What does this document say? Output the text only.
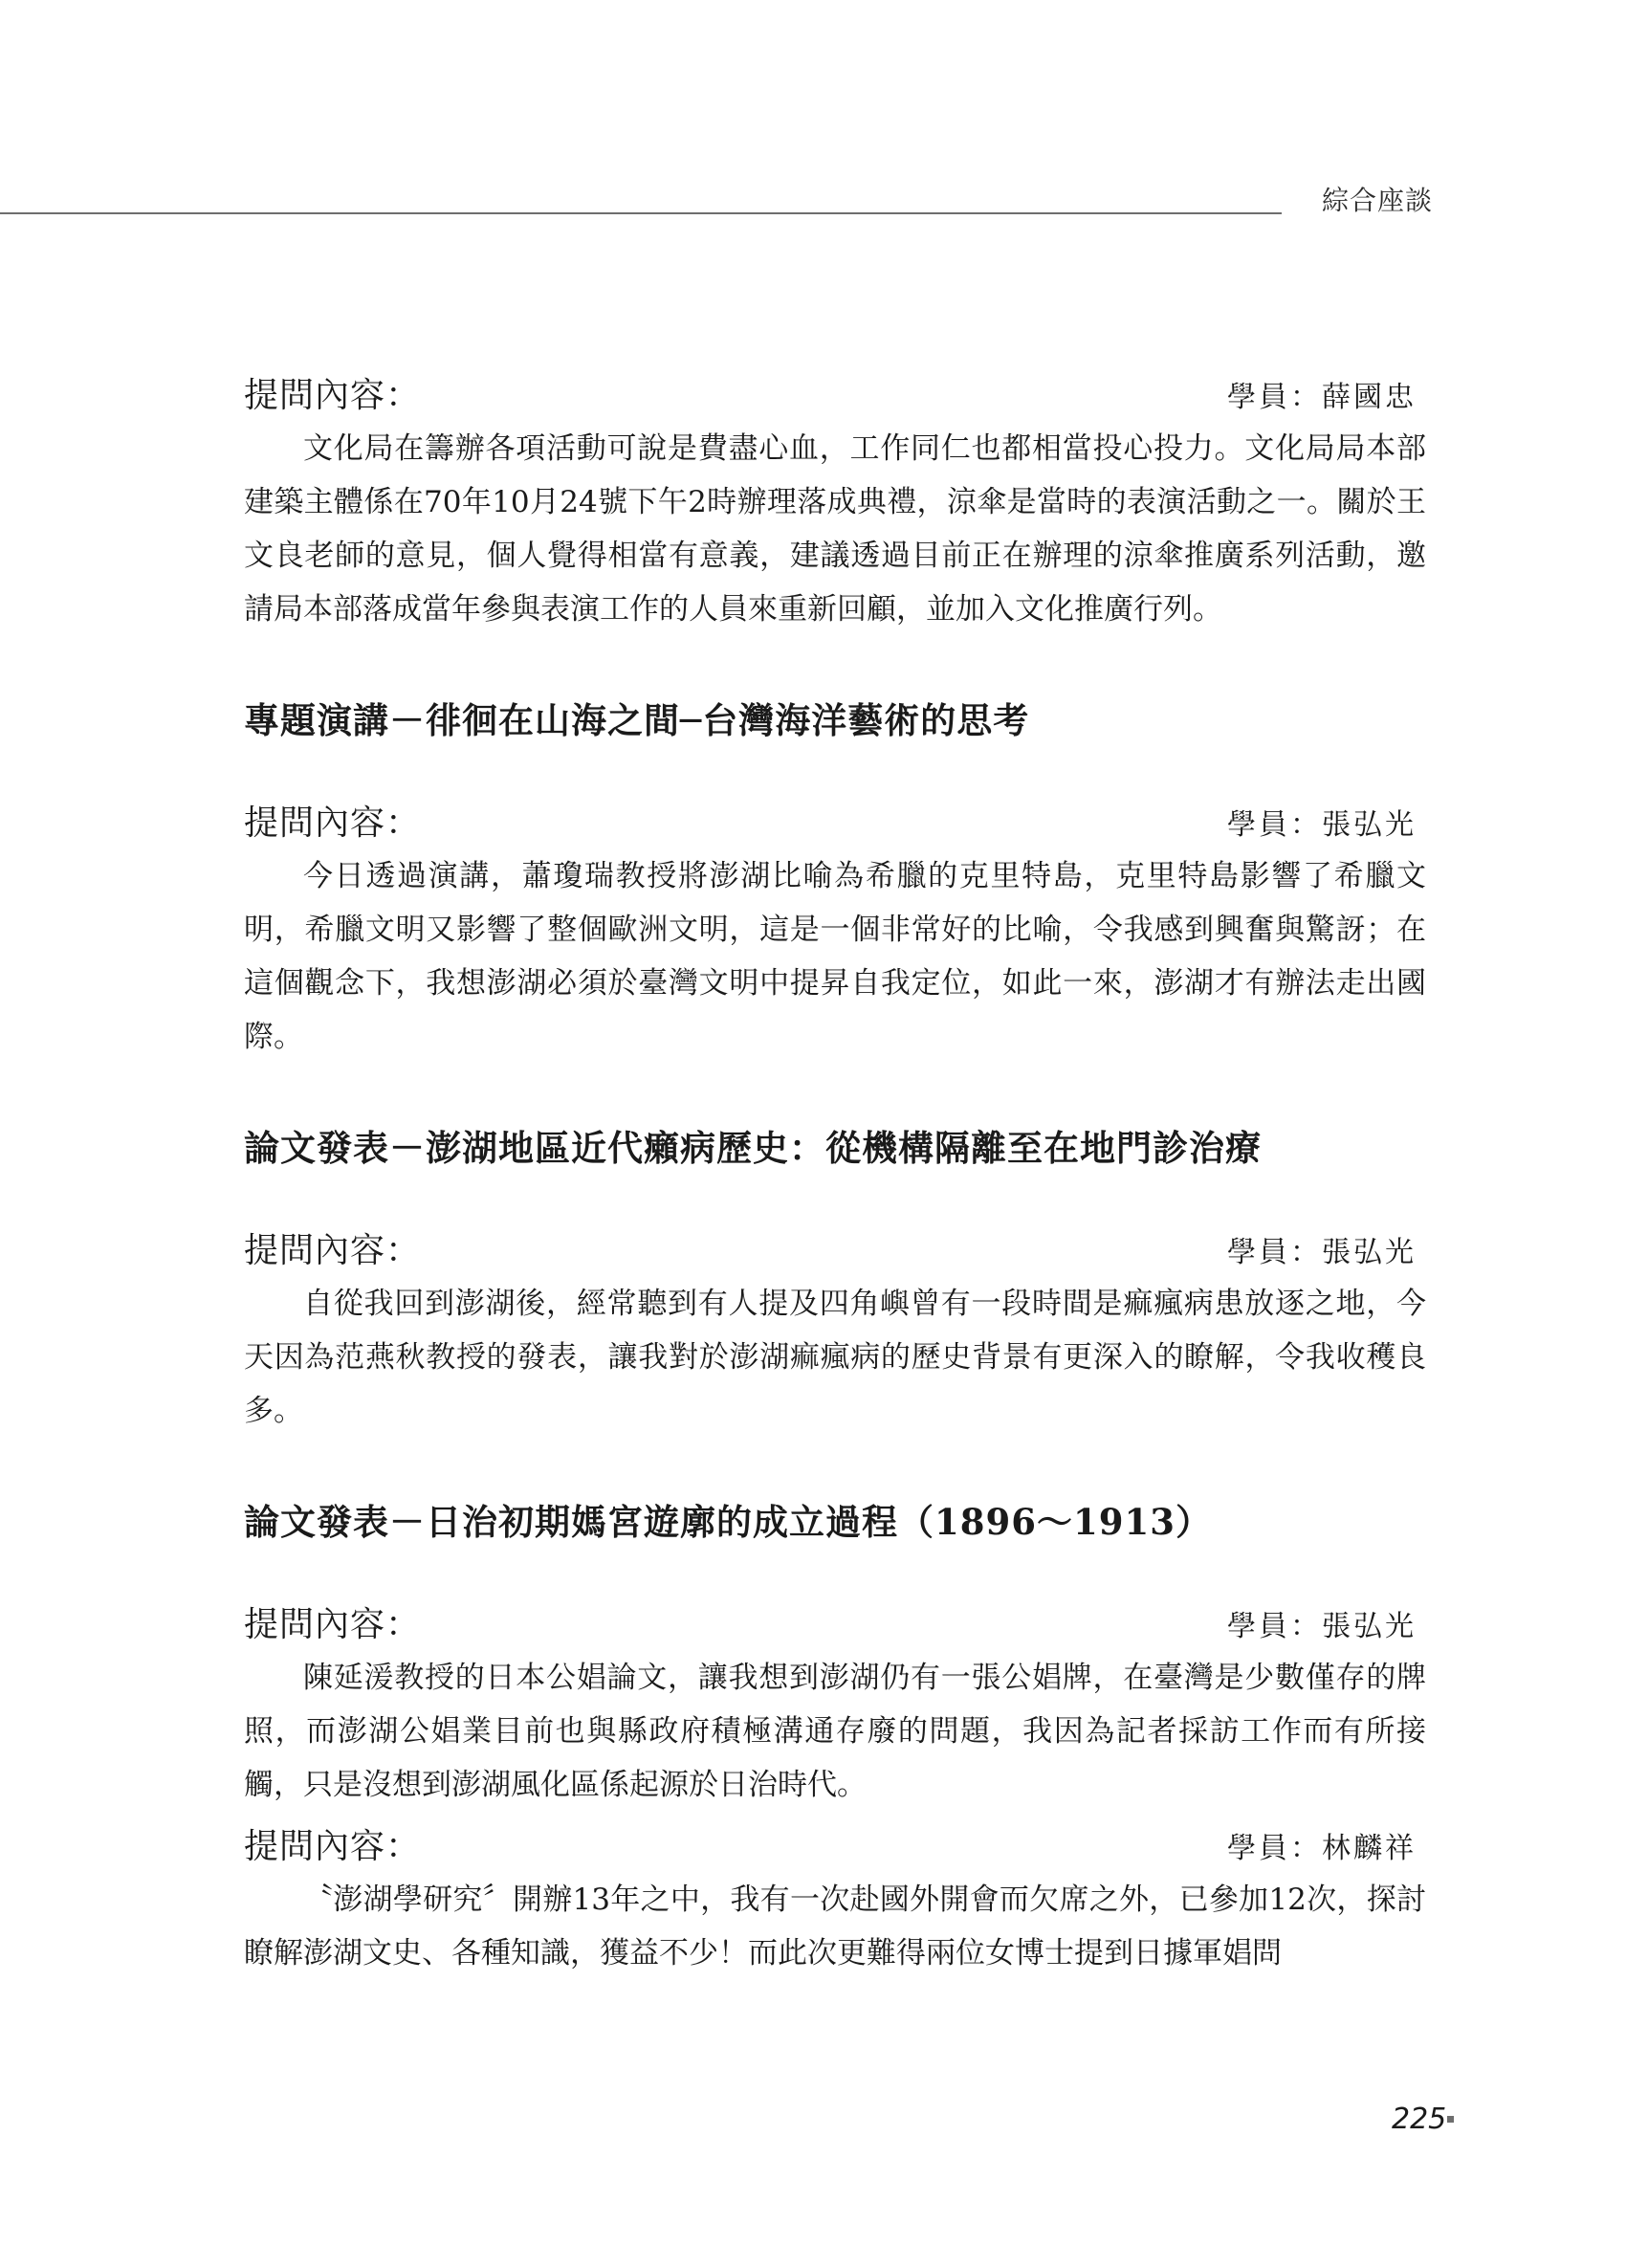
綜合座談
提問內容：	學員：薛國忠

文化局在籌辦各項活動可說是費盡心血，工作同仁也都相當投心投力。文化局局本部建築主體係在70年10月24號下午2時辦理落成典禮，涼傘是當時的表演活動之一。關於王文良老師的意見，個人覺得相當有意義，建議透過目前正在辦理的涼傘推廣系列活動，邀請局本部落成當年參與表演工作的人員來重新回顧，並加入文化推廣行列。

專題演講－徘徊在山海之間─台灣海洋藝術的思考
提問內容：	學員：張弘光

今日透過演講，蕭瓊瑞教授將澎湖比喻為希臘的克里特島，克里特島影響了希臘文明，希臘文明又影響了整個歐洲文明，這是一個非常好的比喻，令我感到興奮與驚訝；在這個觀念下，我想澎湖必須於臺灣文明中提昇自我定位，如此一來，澎湖才有辦法走出國際。

論文發表－澎湖地區近代癩病歷史：從機構隔離至在地門診治療
提問內容：	學員：張弘光

自從我回到澎湖後，經常聽到有人提及四角嶼曾有一段時間是痲瘋病患放逐之地，今天因為范燕秋教授的發表，讓我對於澎湖痲瘋病的歷史背景有更深入的瞭解，令我收穫良多。

論文發表－日治初期媽宮遊廓的成立過程（1896～1913）
提問內容：	學員：張弘光

陳延湲教授的日本公娼論文，讓我想到澎湖仍有一張公娼牌，在臺灣是少數僅存的牌照，而澎湖公娼業目前也與縣政府積極溝通存廢的問題，我因為記者採訪工作而有所接觸，只是沒想到澎湖風化區係起源於日治時代。

提問內容：	學員：林麟祥

〝澎湖學研究〞開辦13年之中，我有一次赴國外開會而欠席之外，已參加12次，探討瞭解澎湖文史、各種知識，獲益不少！而此次更難得兩位女博士提到日據軍娼問

225
